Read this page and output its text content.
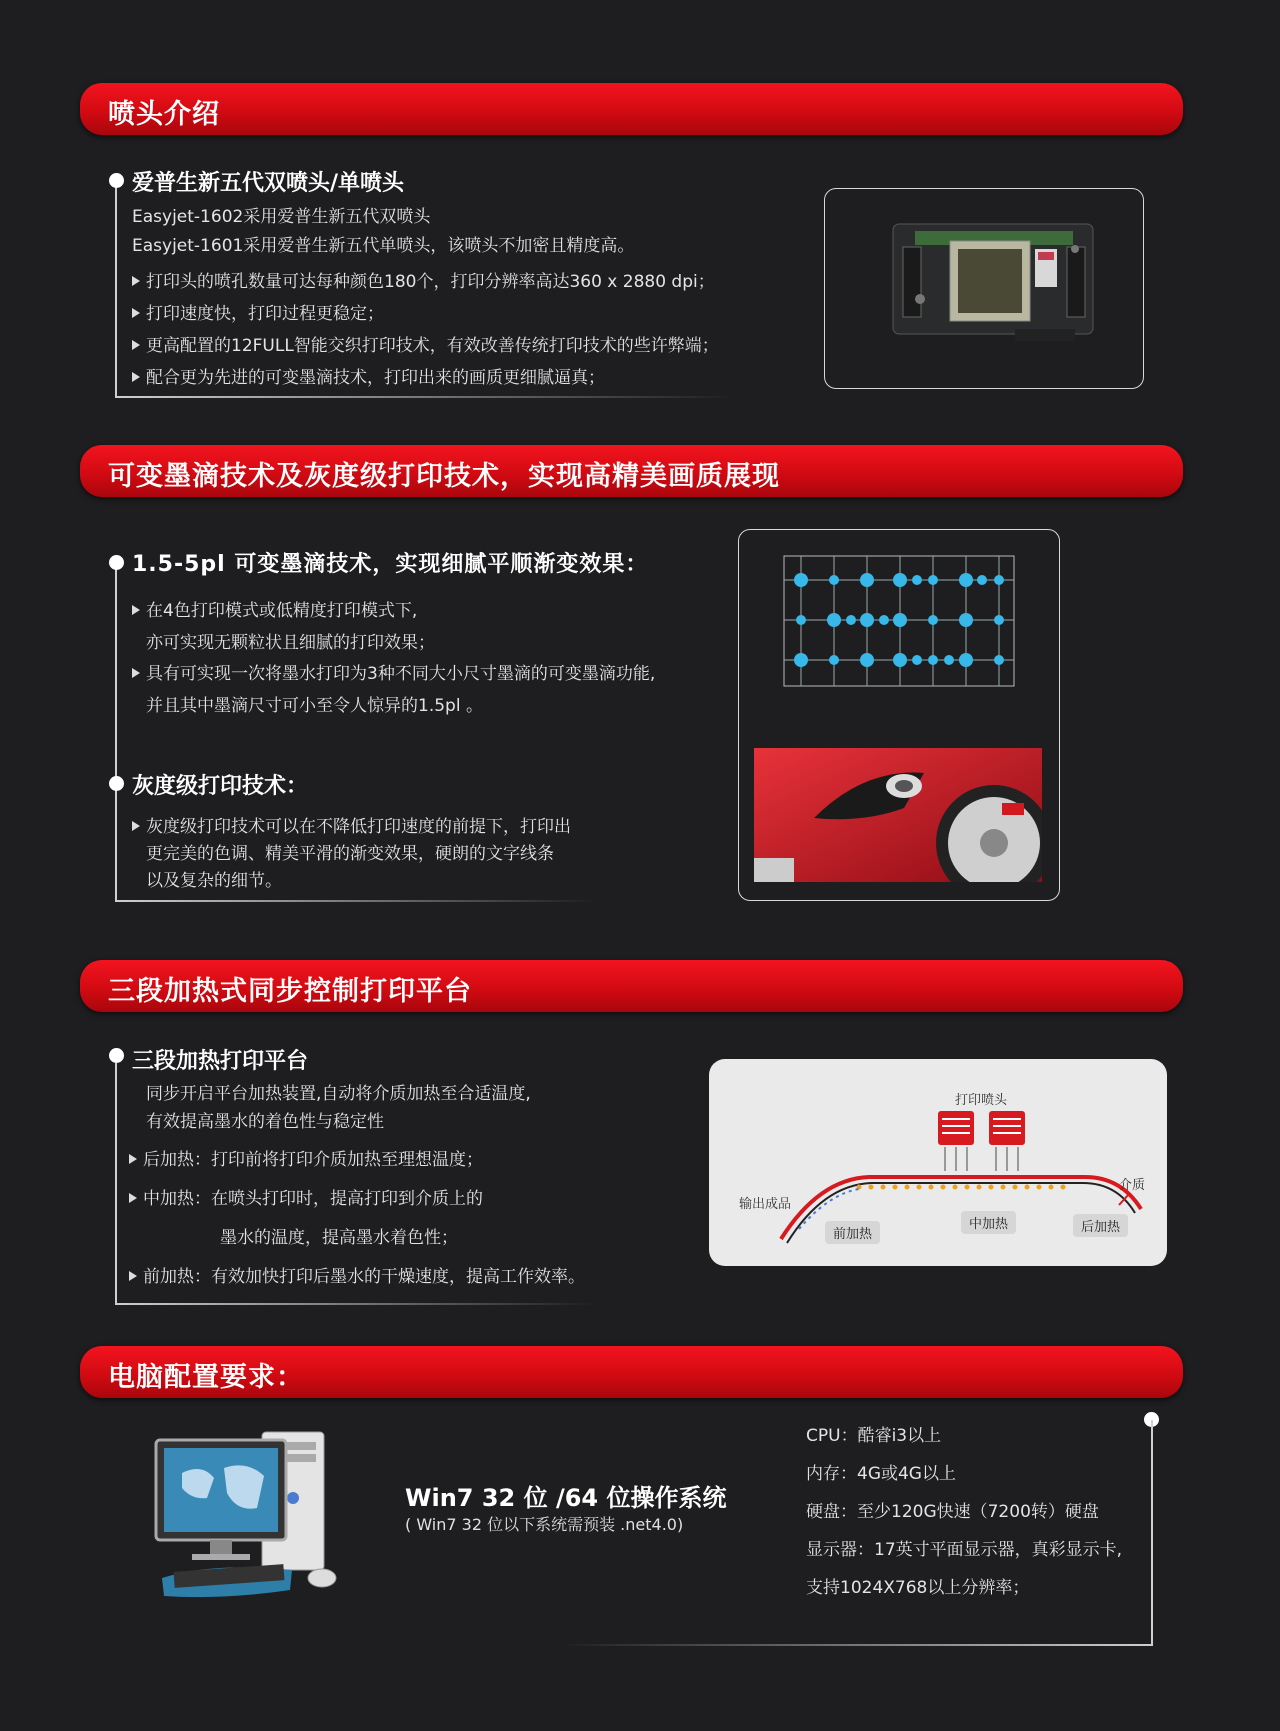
喷头介绍
爱普生新五代双喷头/单喷头
Easyjet-1602采用爱普生新五代双喷头
Easyjet-1601采用爱普生新五代单喷头，该喷头不加密且精度高。
打印头的喷孔数量可达每种颜色180个，打印分辨率高达360 x 2880 dpi；
打印速度快，打印过程更稳定；
更高配置的12FULL智能交织打印技术，有效改善传统打印技术的些许弊端；
配合更为先进的可变墨滴技术，打印出来的画质更细腻逼真；
可变墨滴技术及灰度级打印技术，实现高精美画质展现
1.5-5pl 可变墨滴技术，实现细腻平顺渐变效果：
在4色打印模式或低精度打印模式下,
亦可实现无颗粒状且细腻的打印效果；
具有可实现一次将墨水打印为3种不同大小尺寸墨滴的可变墨滴功能,
并且其中墨滴尺寸可小至令人惊异的1.5pl 。
灰度级打印技术：
灰度级打印技术可以在不降低打印速度的前提下，打印出
更完美的色调、精美平滑的渐变效果，硬朗的文字线条
以及复杂的细节。
三段加热式同步控制打印平台
三段加热打印平台
同步开启平台加热装置,自动将介质加热至合适温度,
有效提高墨水的着色性与稳定性
后加热：打印前将打印介质加热至理想温度；
中加热：在喷头打印时，提高打印到介质上的
墨水的温度，提高墨水着色性；
前加热：有效加快打印后墨水的干燥速度，提高工作效率。
打印喷头
输出成品
介质
前加热
中加热	后加热
电脑配置要求：
Win7 32 位 /64 位操作系统
( Win7 32 位以下系统需预装 .net4.0)
CPU：酷睿i3以上
内存：4G或4G以上
硬盘：至少120G快速（7200转）硬盘
显示器：17英寸平面显示器，真彩显示卡,
支持1024X768以上分辨率；
